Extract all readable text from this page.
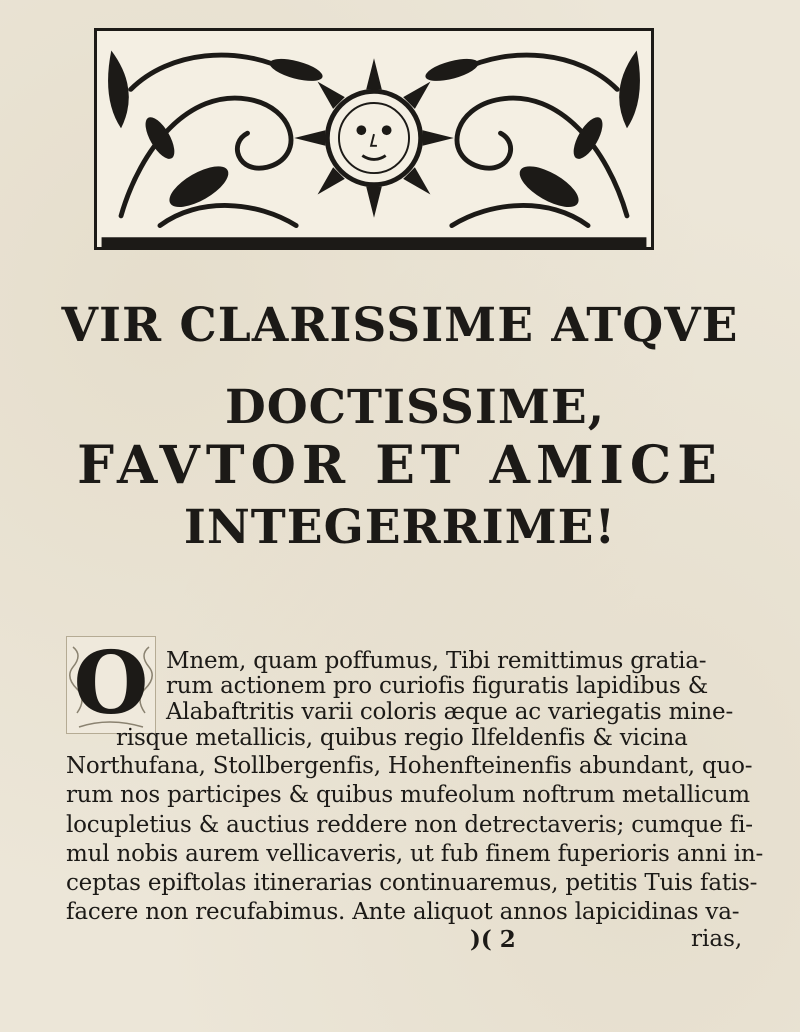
VIR CLARISSIME ATQVE
DOCTISSIME,
FAVTOR ET AMICE
INTEGERRIME!
O Mnem, quam poffumus, Tibi remittimus gratia-
rum actionem pro curiofis figuratis lapidibus &
Alabaftritis varii coloris æque ac variegatis mine-
risque metallicis, quibus regio Ilfeldenfis & vicina
Northufana, Stollbergenfis, Hohenfteinenfis abundant, quo-
rum nos participes & quibus mufeolum noftrum metallicum
locupletius & auctius reddere non detrectaveris; cumque fi-
mul nobis aurem vellicaveris, ut fub finem fuperioris anni in-
ceptas epiftolas itinerarias continuaremus, petitis Tuis fatis-
facere non recufabimus. Ante aliquot annos lapicidinas va-
)( 2	rias,
